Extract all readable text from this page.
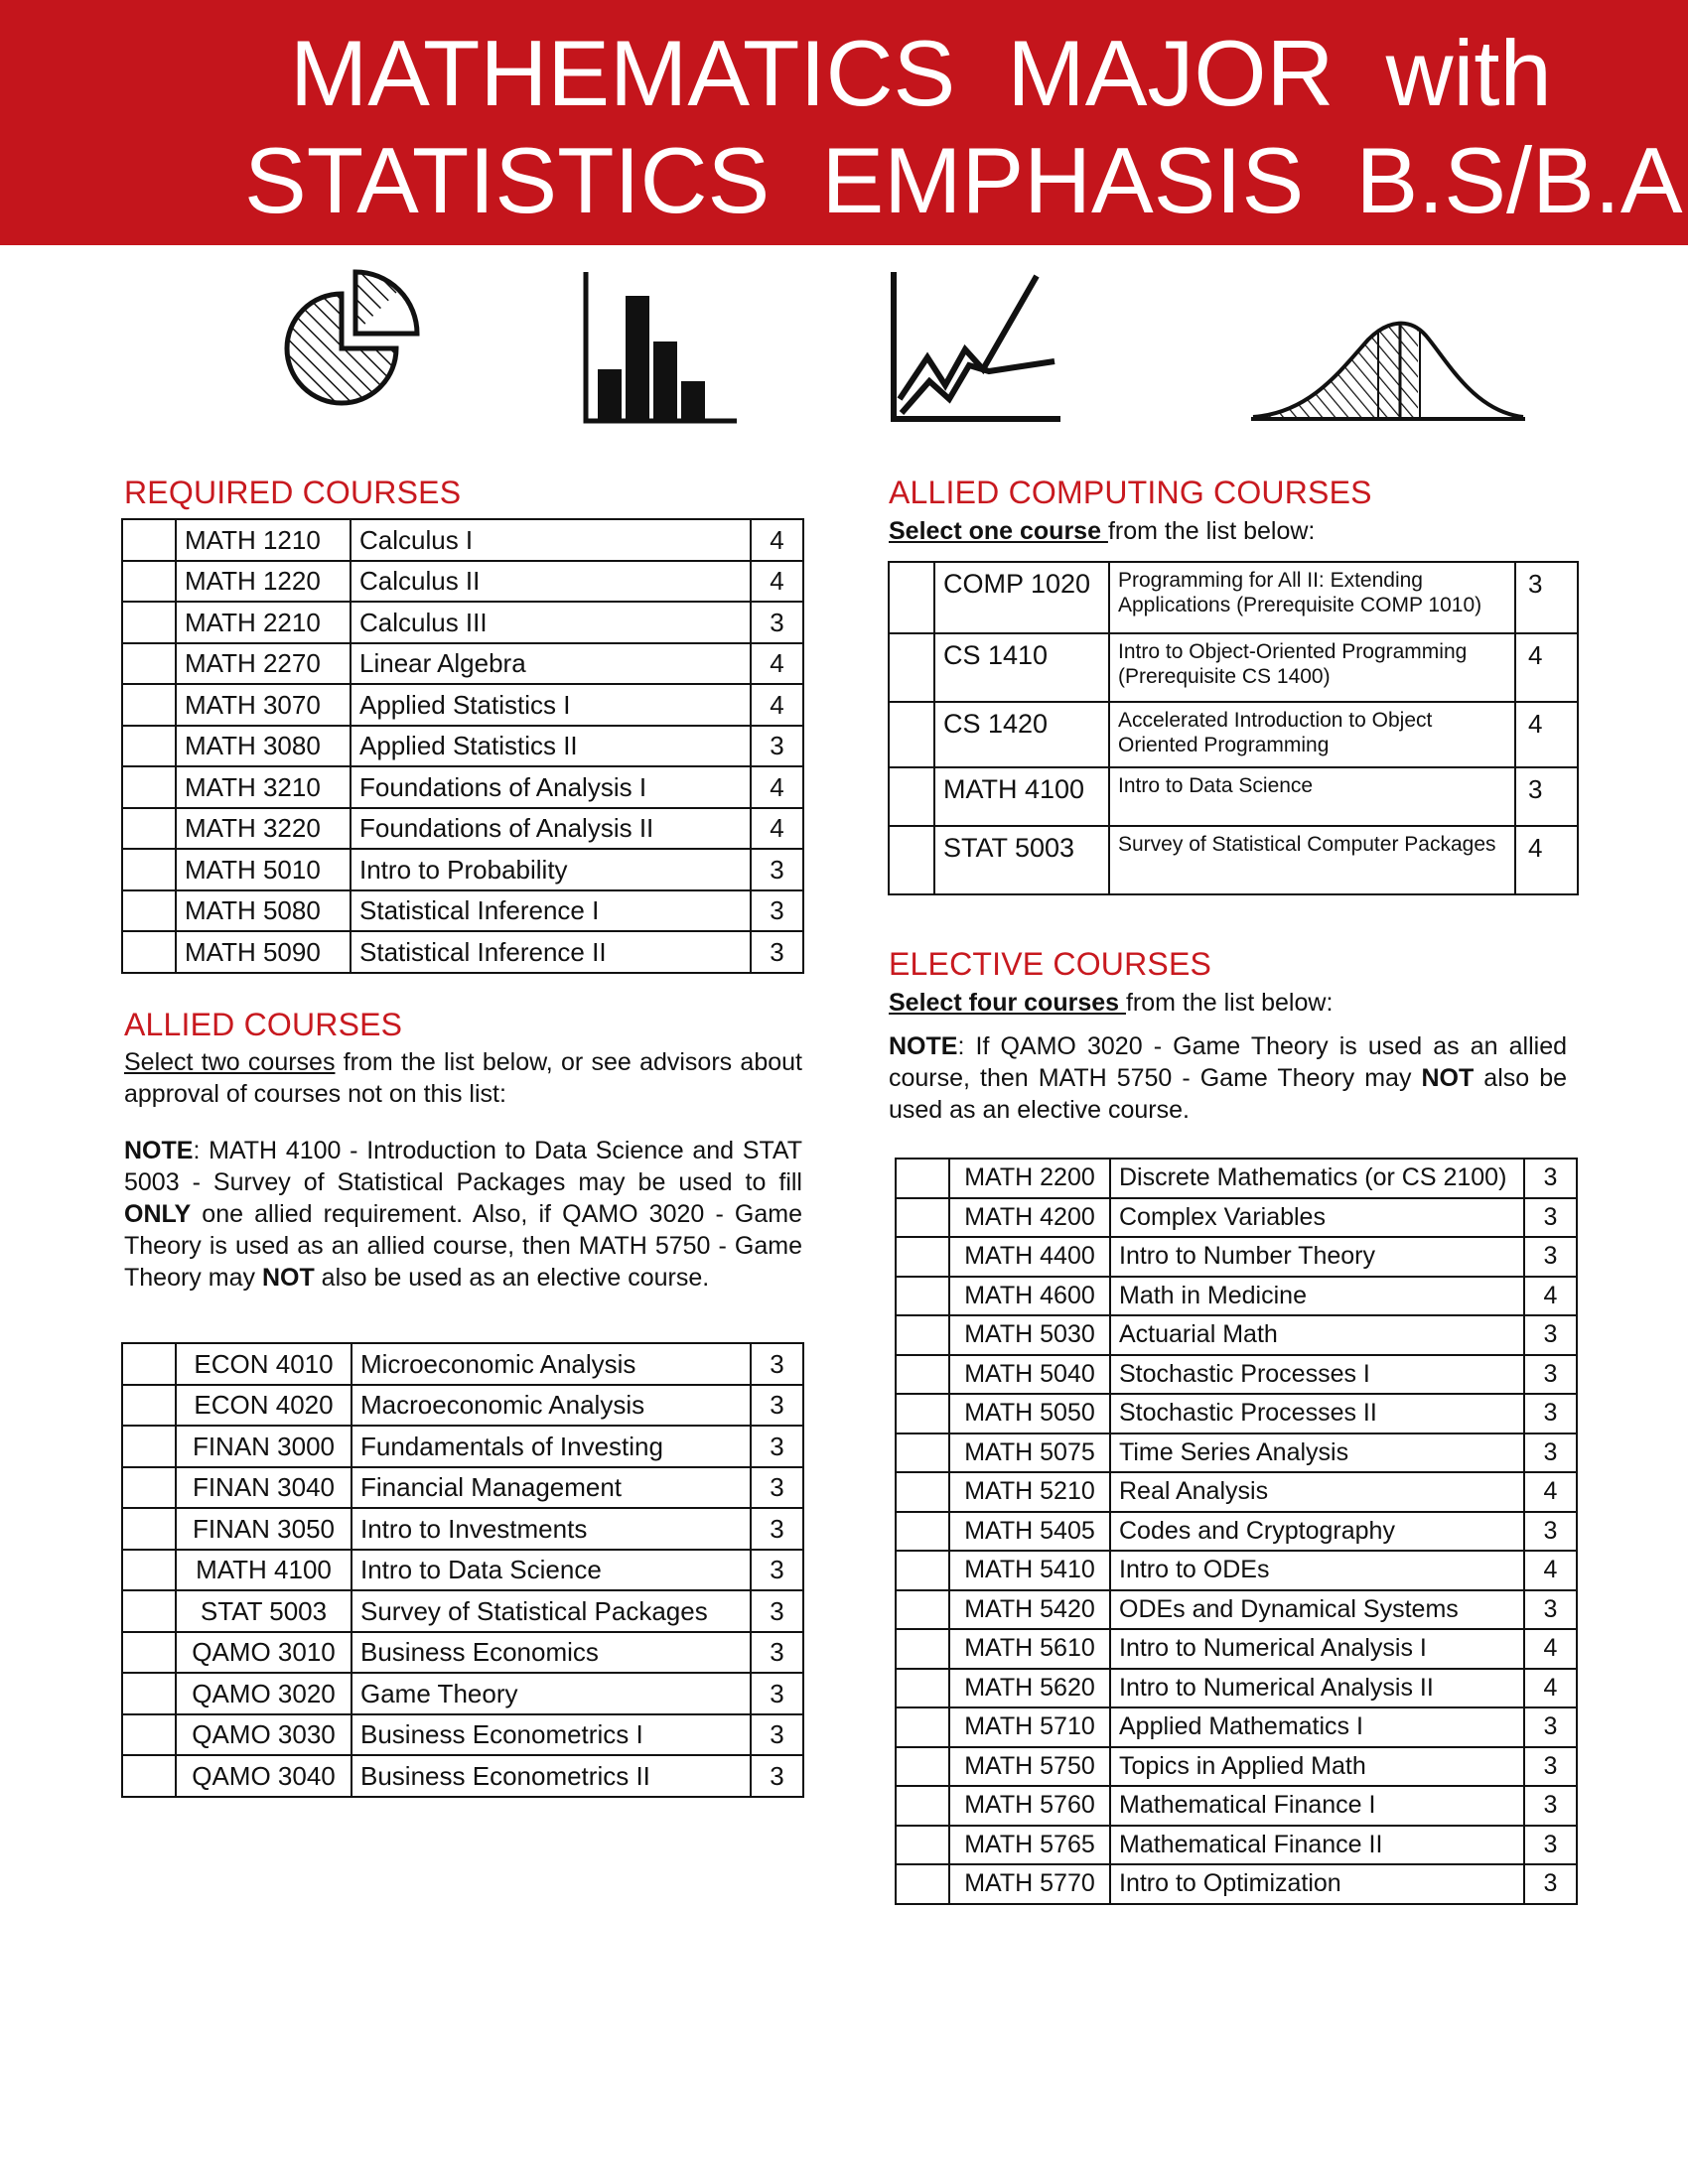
MATHEMATICS  MAJOR  with
STATISTICS  EMPHASIS  B.S/B.A
REQUIRED COURSES
	MATH 1210	Calculus I	4
	MATH 1220	Calculus II	4
	MATH 2210	Calculus III	3
	MATH 2270	Linear Algebra	4
	MATH 3070	Applied Statistics I	4
	MATH 3080	Applied Statistics II	3
	MATH 3210	Foundations of Analysis I	4
	MATH 3220	Foundations of Analysis II	4
	MATH 5010	Intro to Probability	3
	MATH 5080	Statistical Inference I	3
	MATH 5090	Statistical Inference II	3
ALLIED COURSES
Select two courses from the list below, or see advisors about approval of courses not on this list:
NOTE: MATH 4100 - Introduction to Data Science and STAT 5003 - Survey of Statistical Packages may be used to fill ONLY one allied requirement. Also, if QAMO 3020 - Game Theory is used as an allied course, then MATH 5750 - Game Theory may NOT also be used as an elective course.
	ECON 4010	Microeconomic Analysis	3
	ECON 4020	Macroeconomic Analysis	3
	FINAN 3000	Fundamentals of Investing	3
	FINAN 3040	Financial Management	3
	FINAN 3050	Intro to Investments	3
	MATH 4100	Intro to Data Science	3
	STAT 5003	Survey of Statistical Packages	3
	QAMO 3010	Business Economics	3
	QAMO 3020	Game Theory	3
	QAMO 3030	Business Econometrics I	3
	QAMO 3040	Business Econometrics II	3
ALLIED COMPUTING COURSES
Select one course from the list below:
	COMP 1020	Programming for All II: Extending Applications (Prerequisite COMP 1010)	3
	CS 1410	Intro to Object-Oriented Programming (Prerequisite CS 1400)	4
	CS 1420	Accelerated Introduction to Object Oriented Programming	4
	MATH 4100	Intro to Data Science	3
	STAT 5003	Survey of Statistical Computer Packages	4
ELECTIVE COURSES
Select four courses from the list below:
NOTE: If QAMO 3020 - Game Theory is used as an allied course, then MATH 5750 - Game Theory may NOT also be used as an elective course.
	MATH 2200	Discrete Mathematics (or CS 2100)	3
	MATH 4200	Complex Variables	3
	MATH 4400	Intro to Number Theory	3
	MATH 4600	Math in Medicine	4
	MATH 5030	Actuarial Math	3
	MATH 5040	Stochastic Processes I	3
	MATH 5050	Stochastic Processes II	3
	MATH 5075	Time Series Analysis	3
	MATH 5210	Real Analysis	4
	MATH 5405	Codes and Cryptography	3
	MATH 5410	Intro to ODEs	4
	MATH 5420	ODEs and Dynamical Systems	3
	MATH 5610	Intro to Numerical Analysis I	4
	MATH 5620	Intro to Numerical Analysis II	4
	MATH 5710	Applied Mathematics I	3
	MATH 5750	Topics in Applied Math	3
	MATH 5760	Mathematical Finance I	3
	MATH 5765	Mathematical Finance II	3
	MATH 5770	Intro to Optimization	3
